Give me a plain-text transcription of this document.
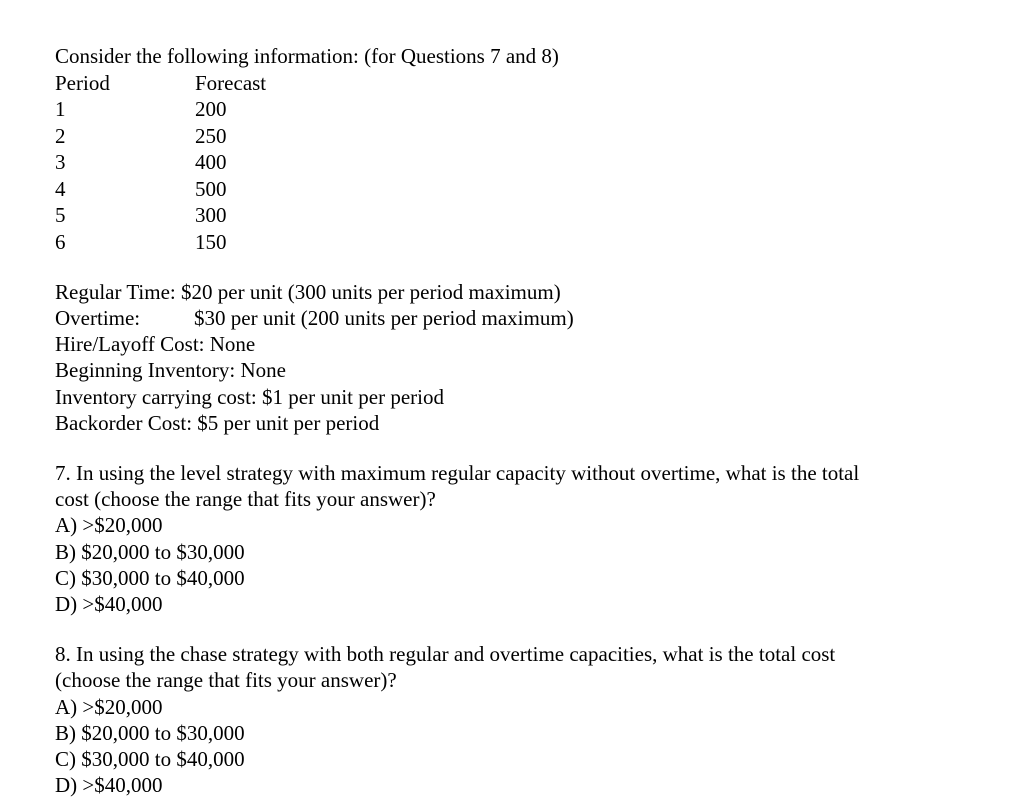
Consider the following information: (for Questions 7 and 8)
Period	Forecast
1	200
2	250
3	400
4	500
5	300
6	150
Regular Time: $20 per unit (300 units per period maximum)
Overtime:	$30 per unit (200 units per period maximum)
Hire/Layoff Cost: None
Beginning Inventory: None
Inventory carrying cost: $1 per unit per period
Backorder Cost: $5 per unit per period
7. In using the level strategy with maximum regular capacity without overtime, what is the total
cost (choose the range that fits your answer)?
A) >$20,000
B) $20,000 to $30,000
C) $30,000 to $40,000
D) >$40,000
8. In using the chase strategy with both regular and overtime capacities, what is the total cost
(choose the range that fits your answer)?
A) >$20,000
B) $20,000 to $30,000
C) $30,000 to $40,000
D) >$40,000
